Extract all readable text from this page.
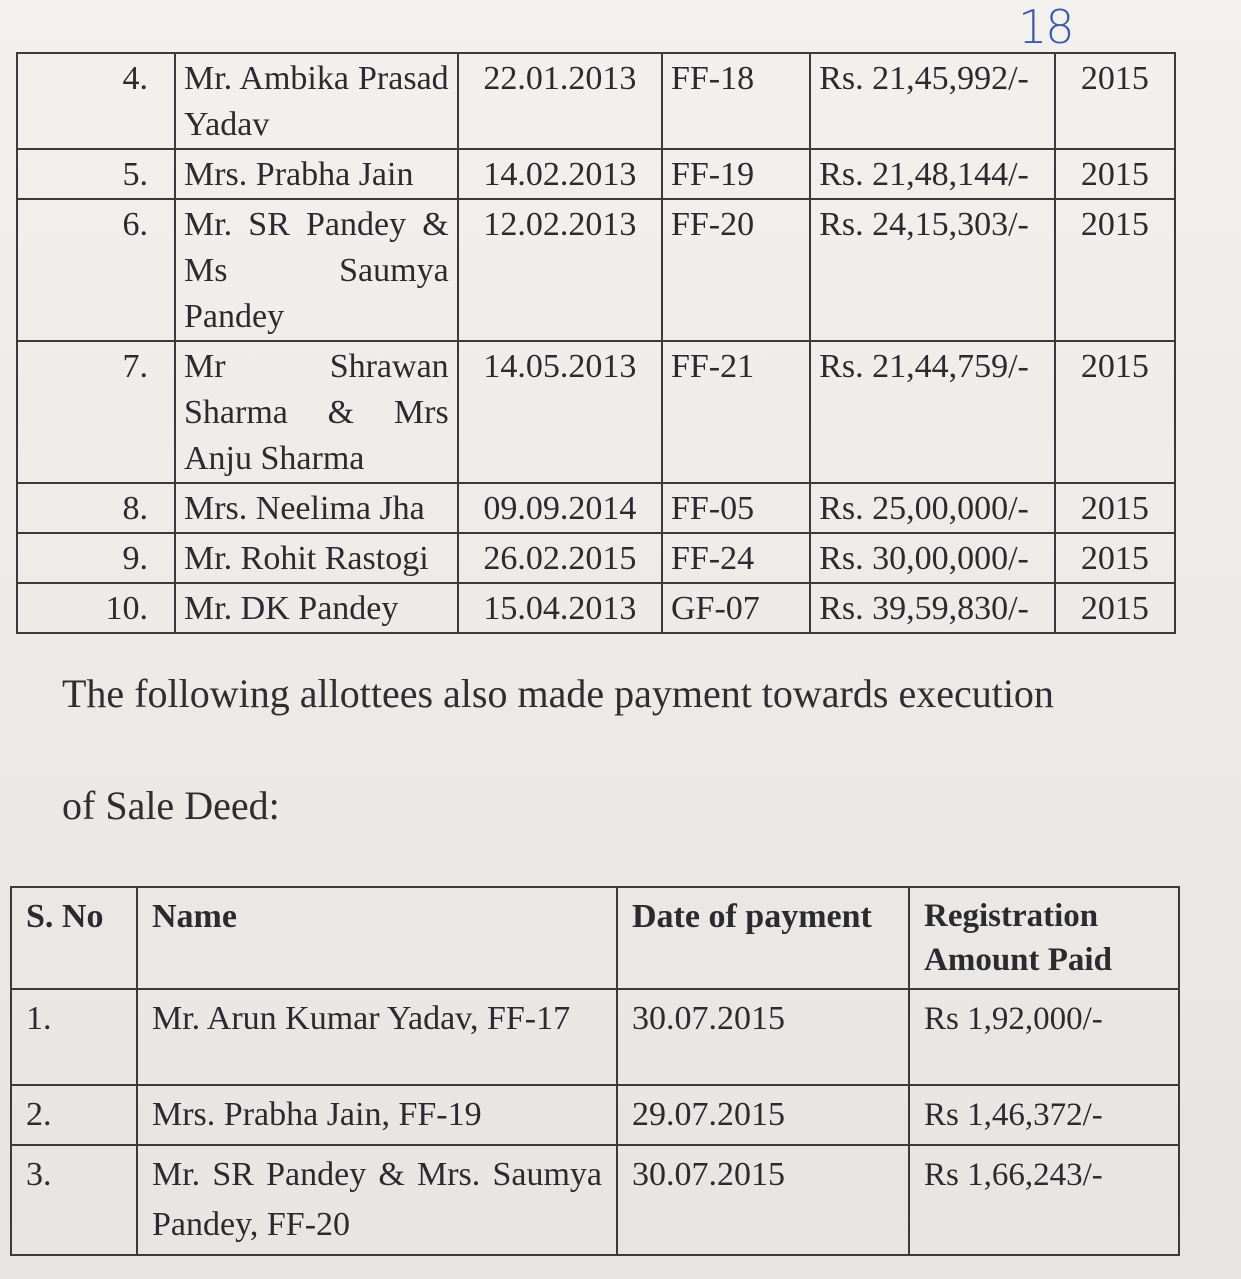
18
4.	Mr. Ambika Prasad Yadav	22.01.2013	FF-18	Rs. 21,45,992/-	2015
5.	Mrs. Prabha Jain	14.02.2013	FF-19	Rs. 21,48,144/-	2015
6.	Mr. SR Pandey & Ms Saumya Pandey	12.02.2013	FF-20	Rs. 24,15,303/-	2015
7.	Mr Shrawan Sharma & Mrs Anju Sharma	14.05.2013	FF-21	Rs. 21,44,759/-	2015
8.	Mrs. Neelima Jha	09.09.2014	FF-05	Rs. 25,00,000/-	2015
9.	Mr. Rohit Rastogi	26.02.2015	FF-24	Rs. 30,00,000/-	2015
10.	Mr. DK Pandey	15.04.2013	GF-07	Rs. 39,59,830/-	2015
The following allottees also made payment towards execution
of Sale Deed:
S. No	Name	Date of payment	Registration Amount Paid
1.	Mr. Arun Kumar Yadav, FF-17	30.07.2015	Rs 1,92,000/-
2.	Mrs. Prabha Jain, FF-19	29.07.2015	Rs 1,46,372/-
3.	Mr. SR Pandey & Mrs. Saumya Pandey, FF-20	30.07.2015	Rs 1,66,243/-
